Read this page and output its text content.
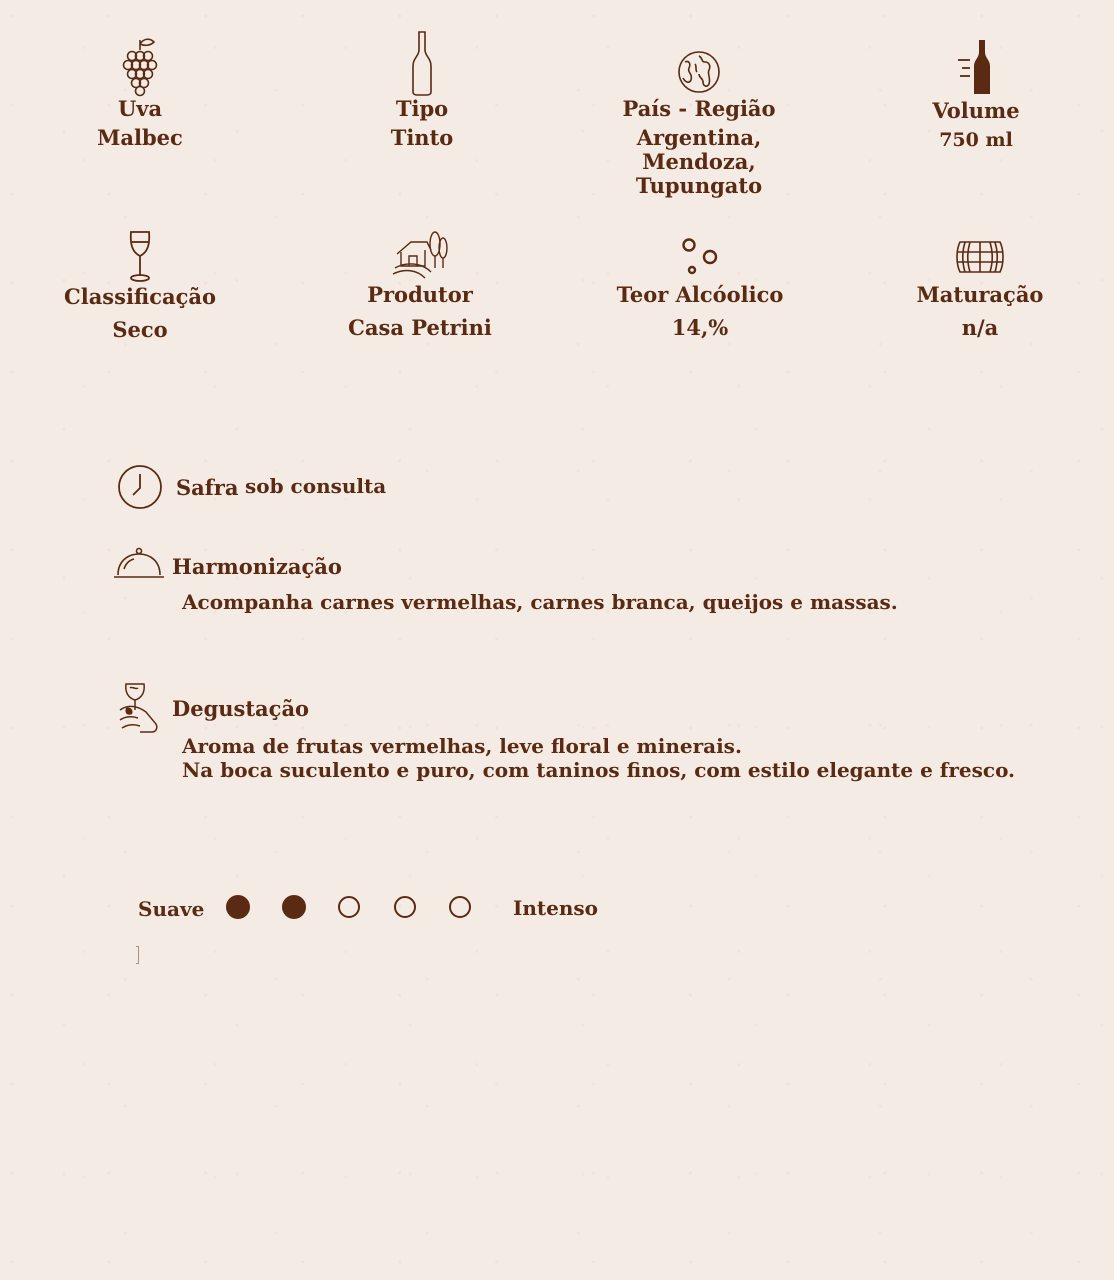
Uva
Malbec
Tipo
Tinto
País - Região
Argentina, Mendoza,
Tupungato
Volume
750 ml
Classificação
Seco
Produtor
Casa Petrini
Teor Alcóolico
14,%
Maturação
n/a
Safra sob consulta
Harmonização
Acompanha carnes vermelhas, carnes branca, queijos e massas.
Degustação
Aroma de frutas vermelhas, leve floral e minerais.
Na boca suculento e puro, com taninos finos, com estilo elegante e fresco.
Suave	Intenso
